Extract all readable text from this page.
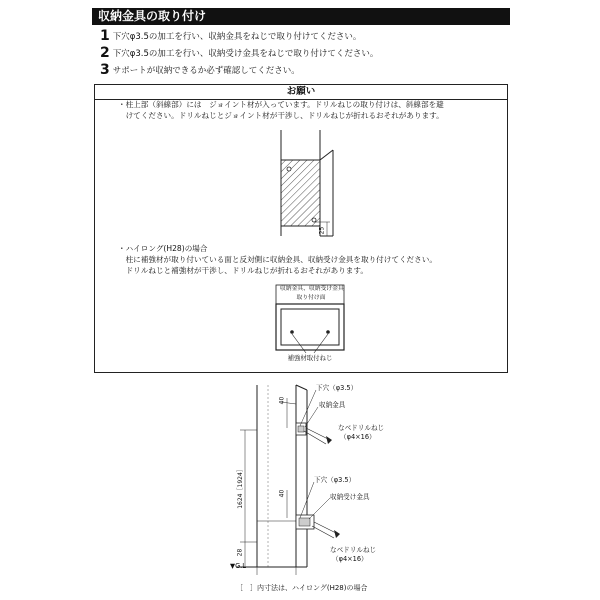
収納金具の取り付け
1 下穴φ3.5の加工を行い、収納金具をねじで取り付けてください。
2 下穴φ3.5の加工を行い、収納受け金具をねじで取り付けてください。
3 サポートが収納できるか必ず確認してください。
お願い
・柱上部（斜線部）には　ジョイント材が入っています。ドリルねじの取り付けは、斜線部を避
　けてください。ドリルねじとジョイント材が干渉し、ドリルねじが折れるおそれがあります。
25
・ハイロング(H28)の場合
　柱に補強材が取り付いている面と反対側に収納金具、収納受け金具を取り付けてください。
　ドリルねじと補強材が干渉し、ドリルねじが折れるおそれがあります。
収納金具、収納受け金具
取り付け面
補強材取付ねじ
下穴（φ3.5）
収納金具
なべドリルねじ
（φ4×16）
下穴（φ3.5）
収納受け金具
なべドリルねじ
（φ4×16）
40
40
1624［1924］
28
▼G.L
［　］内寸法は、ハイロング(H28)の場合
